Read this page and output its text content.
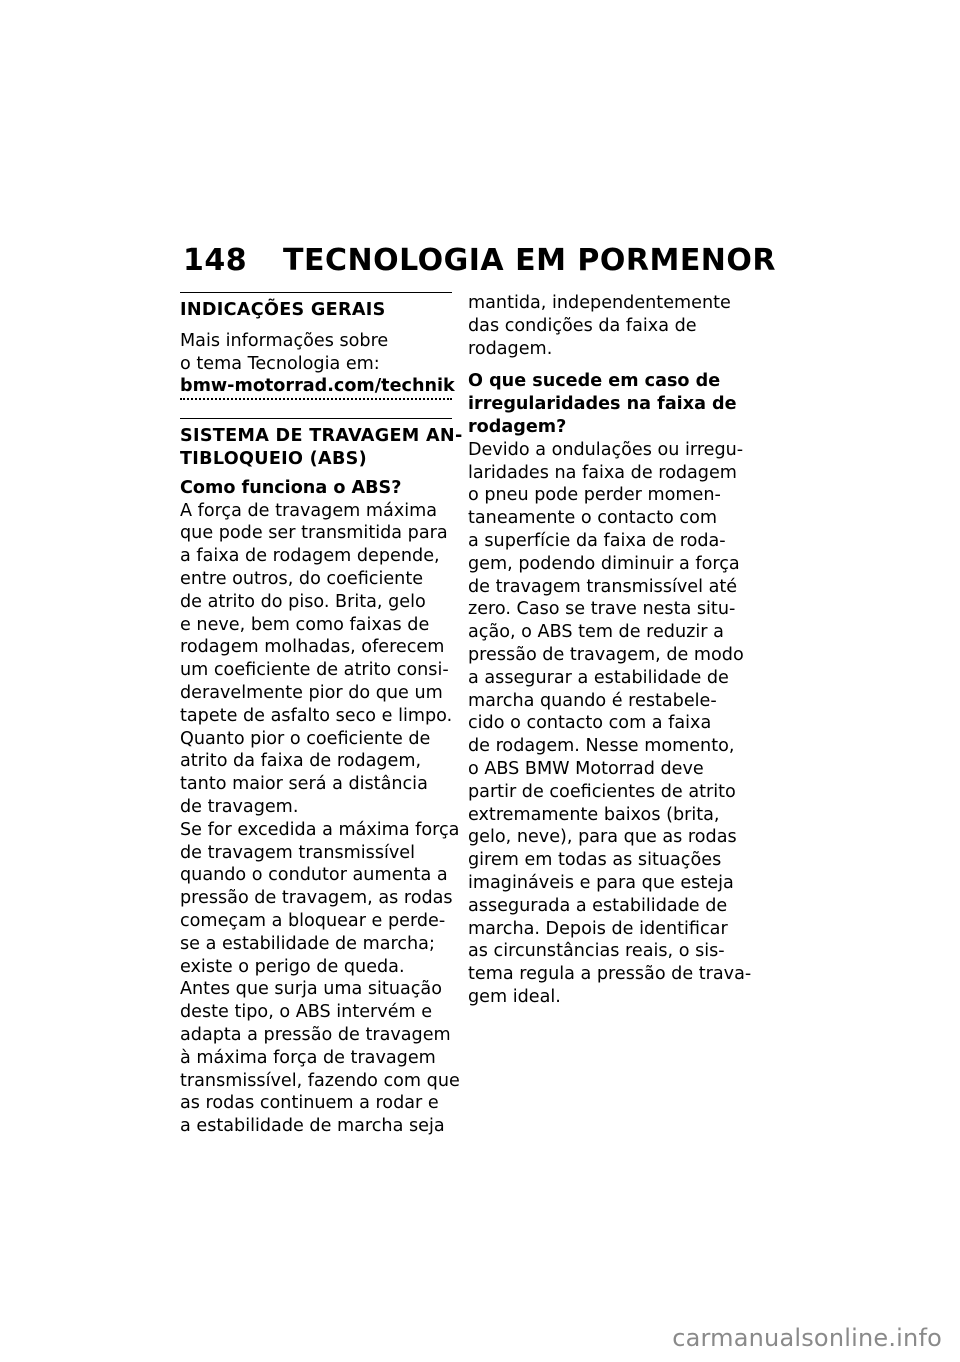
148 TECNOLOGIA EM PORMENOR
INDICAÇÕES GERAIS

Mais informações sobre
o tema Tecnologia em:

bmw-motorrad.com/technik
SISTEMA DE TRAVAGEM AN-
TIBLOQUEIO (ABS)
Como funciona o ABS?

A força de travagem máxima
que pode ser transmitida para
a faixa de rodagem depende,
entre outros, do coeficiente
de atrito do piso. Brita, gelo
e neve, bem como faixas de
rodagem molhadas, oferecem
um coeficiente de atrito consi-
deravelmente pior do que um
tapete de asfalto seco e limpo.
Quanto pior o coeficiente de
atrito da faixa de rodagem,
tanto maior será a distância
de travagem.

Se for excedida a máxima força
de travagem transmissível
quando o condutor aumenta a
pressão de travagem, as rodas
começam a bloquear e perde-
se a estabilidade de marcha;
existe o perigo de queda.
Antes que surja uma situação
deste tipo, o ABS intervém e
adapta a pressão de travagem
à máxima força de travagem
transmissível, fazendo com que
as rodas continuem a rodar e
a estabilidade de marcha seja

mantida, independentemente
das condições da faixa de
rodagem.

O que sucede em caso de
irregularidades na faixa de
rodagem?

Devido a ondulações ou irregu-
laridades na faixa de rodagem
o pneu pode perder momen-
taneamente o contacto com
a superfície da faixa de roda-
gem, podendo diminuir a força
de travagem transmissível até
zero. Caso se trave nesta situ-
ação, o ABS tem de reduzir a
pressão de travagem, de modo
a assegurar a estabilidade de
marcha quando é restabele-
cido o contacto com a faixa
de rodagem. Nesse momento,
o ABS BMW Motorrad deve
partir de coeficientes de atrito
extremamente baixos (brita,
gelo, neve), para que as rodas
girem em todas as situações
imagináveis e para que esteja
assegurada a estabilidade de
marcha. Depois de identificar
as circunstâncias reais, o sis-
tema regula a pressão de trava-
gem ideal.

carmanualsonline.info
